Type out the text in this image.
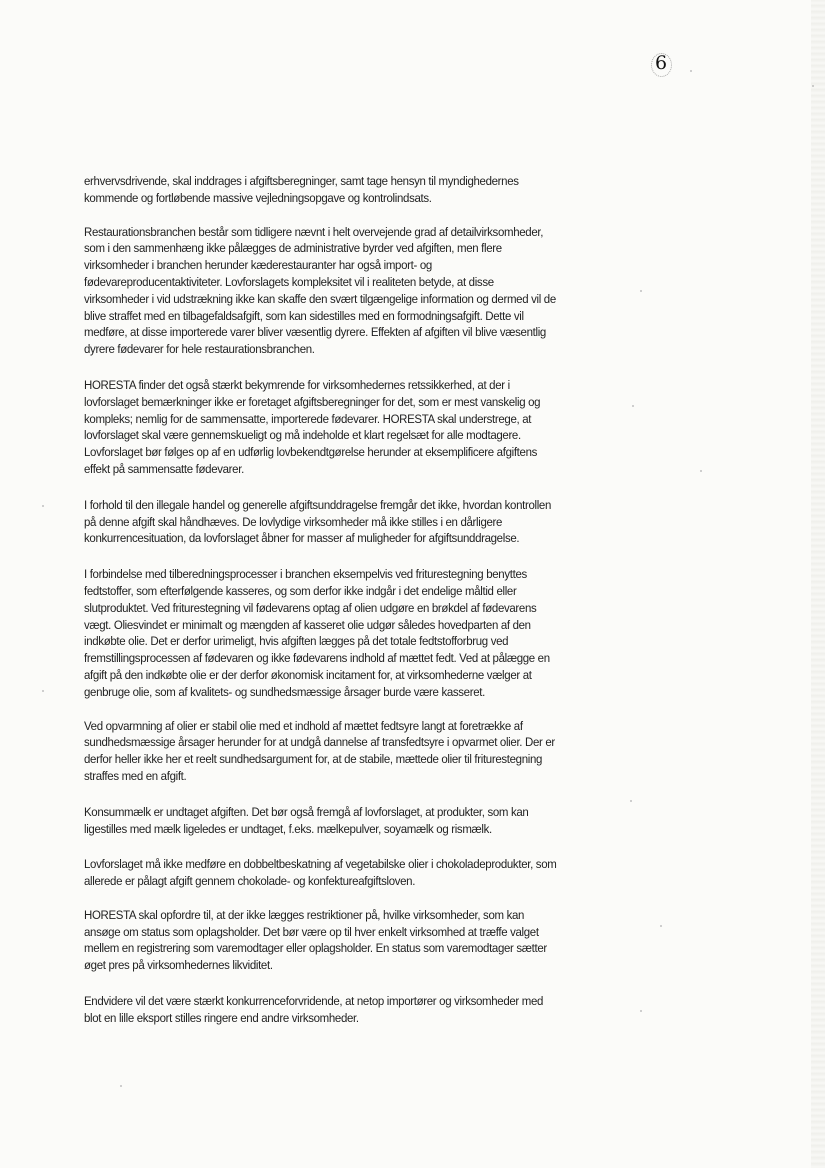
6

erhvervsdrivende, skal inddrages i afgiftsberegninger, samt tage hensyn til myndighedernes kommende og fortløbende massive vejledningsopgave og kontrolindsats.

Restaurationsbranchen består som tidligere nævnt i helt overvejende grad af detailvirksomheder, som i den sammenhæng ikke pålægges de administrative byrder ved afgiften, men flere virksomheder i branchen herunder kæderestauranter har også import- og fødevareproducentaktiviteter. Lovforslagets kompleksitet vil i realiteten betyde, at disse virksomheder i vid udstrækning ikke kan skaffe den svært tilgængelige information og dermed vil de blive straffet med en tilbagefaldsafgift, som kan sidestilles med en formodningsafgift. Dette vil medføre, at disse importerede varer bliver væsentlig dyrere. Effekten af afgiften vil blive væsentlig dyrere fødevarer for hele restaurationsbranchen.

HORESTA finder det også stærkt bekymrende for virksomhedernes retssikkerhed, at der i lovforslaget bemærkninger ikke er foretaget afgiftsberegninger for det, som er mest vanskelig og kompleks; nemlig for de sammensatte, importerede fødevarer. HORESTA skal understrege, at lovforslaget skal være gennemskueligt og må indeholde et klart regelsæt for alle modtagere. Lovforslaget bør følges op af en udførlig lovbekendtgørelse herunder at eksemplificere afgiftens effekt på sammensatte fødevarer.

I forhold til den illegale handel og generelle afgiftsunddragelse fremgår det ikke, hvordan kontrollen på denne afgift skal håndhæves. De lovlydige virksomheder må ikke stilles i en dårligere konkurrencesituation, da lovforslaget åbner for masser af muligheder for afgiftsunddragelse.

I forbindelse med tilberedningsprocesser i branchen eksempelvis ved friturestegning benyttes fedtstoffer, som efterfølgende kasseres, og som derfor ikke indgår i det endelige måltid eller slutproduktet. Ved friturestegning vil fødevarens optag af olien udgøre en brøkdel af fødevarens vægt. Oliesvindet er minimalt og mængden af kasseret olie udgør således hovedparten af den indkøbte olie. Det er derfor urimeligt, hvis afgiften lægges på det totale fedtstofforbrug ved fremstillingsprocessen af fødevaren og ikke fødevarens indhold af mættet fedt. Ved at pålægge en afgift på den indkøbte olie er der derfor økonomisk incitament for, at virksomhederne vælger at genbruge olie, som af kvalitets- og sundhedsmæssige årsager burde være kasseret.

Ved opvarmning af olier er stabil olie med et indhold af mættet fedtsyre langt at foretrække af sundhedsmæssige årsager herunder for at undgå dannelse af transfedtsyre i opvarmet olier. Der er derfor heller ikke her et reelt sundhedsargument for, at de stabile, mættede olier til friturestegning straffes med en afgift.

Konsummælk er undtaget afgiften. Det bør også fremgå af lovforslaget, at produkter, som kan ligestilles med mælk ligeledes er undtaget, f.eks. mælkepulver, soyamælk og rismælk.

Lovforslaget må ikke medføre en dobbeltbeskatning af vegetabilske olier i chokoladeprodukter, som allerede er pålagt afgift gennem chokolade- og konfektureafgiftsloven.

HORESTA skal opfordre til, at der ikke lægges restriktioner på, hvilke virksomheder, som kan ansøge om status som oplagsholder. Det bør være op til hver enkelt virksomhed at træffe valget mellem en registrering som varemodtager eller oplagsholder. En status som varemodtager sætter øget pres på virksomhedernes likviditet.

Endvidere vil det være stærkt konkurrenceforvridende, at netop importører og virksomheder med blot en lille eksport stilles ringere end andre virksomheder.
